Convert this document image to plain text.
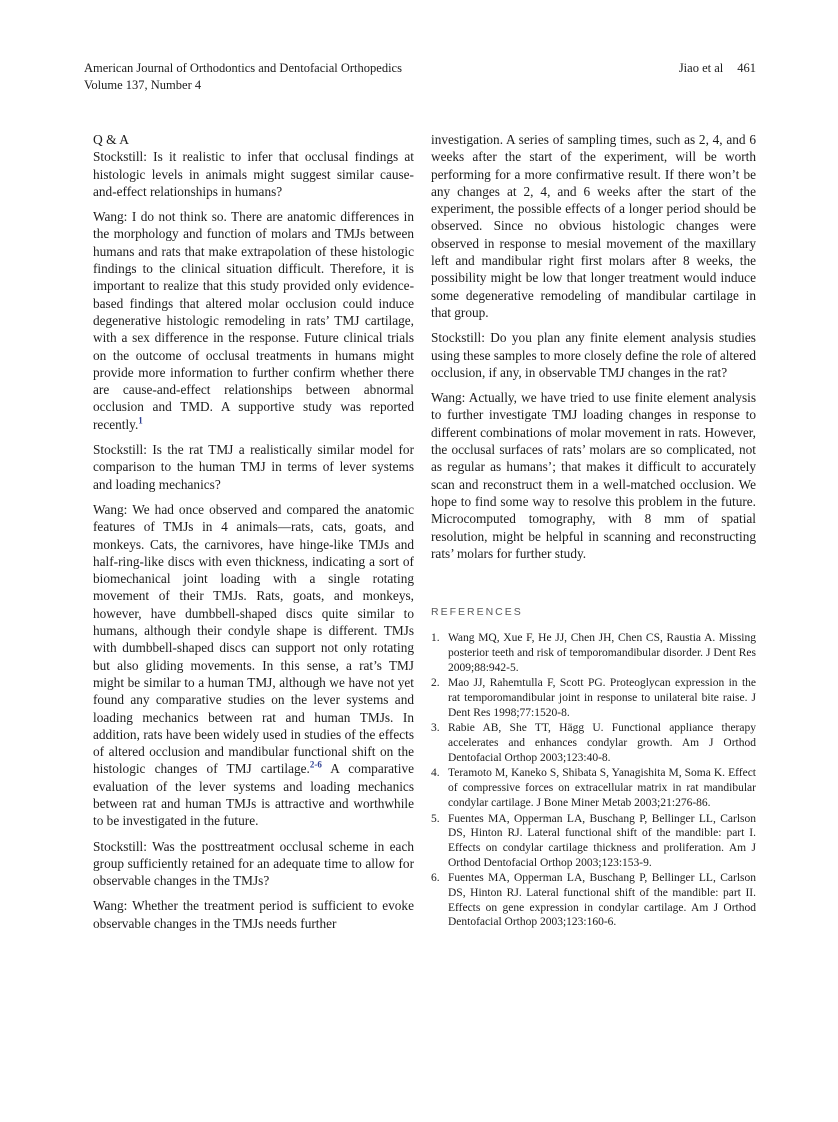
American Journal of Orthodontics and Dentofacial Orthopedics
Volume 137, Number 4
Jiao et al 461
Q & A

Stockstill: Is it realistic to infer that occlusal findings at histologic levels in animals might suggest similar cause-and-effect relationships in humans?

Wang: I do not think so. There are anatomic differences in the morphology and function of molars and TMJs between humans and rats that make extrapolation of these histologic findings to the clinical situation difficult. Therefore, it is important to realize that this study provided only evidence-based findings that altered molar occlusion could induce degenerative histologic remodeling in rats’ TMJ cartilage, with a sex difference in the response. Future clinical trials on the outcome of occlusal treatments in humans might provide more information to further confirm whether there are cause-and-effect relationships between abnormal occlusion and TMD. A supportive study was reported recently.$^1$

Stockstill: Is the rat TMJ a realistically similar model for comparison to the human TMJ in terms of lever systems and loading mechanics?

Wang: We had once observed and compared the anatomic features of TMJs in 4 animals—rats, cats, goats, and monkeys. Cats, the carnivores, have hinge-like TMJs and half-ring-like discs with even thickness, indicating a sort of biomechanical joint loading with a single rotating movement of their TMJs. Rats, goats, and monkeys, however, have dumbbell-shaped discs quite similar to humans, although their condyle shape is different. TMJs with dumbbell-shaped discs can support not only rotating but also gliding movements. In this sense, a rat’s TMJ might be similar to a human TMJ, although we have not yet found any comparative studies on the lever systems and loading mechanics between rat and human TMJs. In addition, rats have been widely used in studies of the effects of altered occlusion and mandibular functional shift on the histologic changes of TMJ cartilage.$^{2-6}$ A comparative evaluation of the lever systems and loading mechanics between rat and human TMJs is attractive and worthwhile to be investigated in the future.

Stockstill: Was the posttreatment occlusal scheme in each group sufficiently retained for an adequate time to allow for observable changes in the TMJs?

Wang: Whether the treatment period is sufficient to evoke observable changes in the TMJs needs further

investigation. A series of sampling times, such as 2, 4, and 6 weeks after the start of the experiment, will be worth performing for a more confirmative result. If there won’t be any changes at 2, 4, and 6 weeks after the start of the experiment, the possible effects of a longer period should be observed. Since no obvious histologic changes were observed in response to mesial movement of the maxillary left and mandibular right first molars after 8 weeks, the possibility might be low that longer treatment would induce some degenerative remodeling of mandibular cartilage in that group.

Stockstill: Do you plan any finite element analysis studies using these samples to more closely define the role of altered occlusion, if any, in observable TMJ changes in the rat?

Wang: Actually, we have tried to use finite element analysis to further investigate TMJ loading changes in response to different combinations of molar movement in rats. However, the occlusal surfaces of rats’ molars are so complicated, not as regular as humans’; that makes it difficult to accurately scan and reconstruct them in a well-matched occlusion. We hope to find some way to resolve this problem in the future. Microcomputed tomography, with 8 mm of spatial resolution, might be helpful in scanning and reconstructing rats’ molars for further study.

REFERENCES
1. Wang MQ, Xue F, He JJ, Chen JH, Chen CS, Raustia A. Missing posterior teeth and risk of temporomandibular disorder. J Dent Res 2009;88:942-5.
2. Mao JJ, Rahemtulla F, Scott PG. Proteoglycan expression in the rat temporomandibular joint in response to unilateral bite raise. J Dent Res 1998;77:1520-8.
3. Rabie AB, She TT, Hägg U. Functional appliance therapy accelerates and enhances condylar growth. Am J Orthod Dentofacial Orthop 2003;123:40-8.
4. Teramoto M, Kaneko S, Shibata S, Yanagishita M, Soma K. Effect of compressive forces on extracellular matrix in rat mandibular condylar cartilage. J Bone Miner Metab 2003;21:276-86.
5. Fuentes MA, Opperman LA, Buschang P, Bellinger LL, Carlson DS, Hinton RJ. Lateral functional shift of the mandible: part I. Effects on condylar cartilage thickness and proliferation. Am J Orthod Dentofacial Orthop 2003;123:153-9.
6. Fuentes MA, Opperman LA, Buschang P, Bellinger LL, Carlson DS, Hinton RJ. Lateral functional shift of the mandible: part II. Effects on gene expression in condylar cartilage. Am J Orthod Dentofacial Orthop 2003;123:160-6.
